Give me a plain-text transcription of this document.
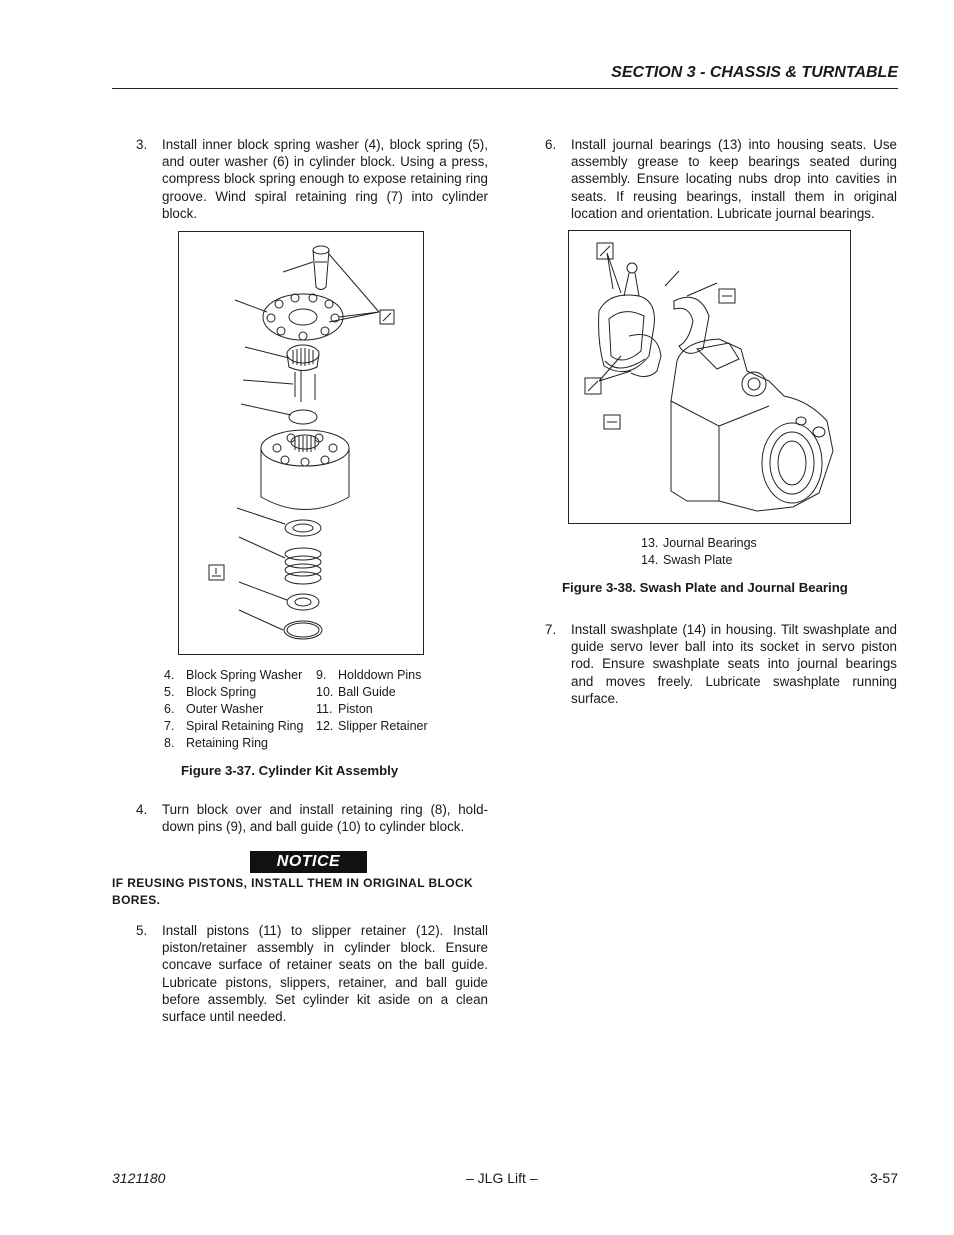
SECTION 3 - CHASSIS & TURNTABLE
3. Install inner block spring washer (4), block spring (5), and outer washer (6) in cylinder block. Using a press, compress block spring enough to expose retaining ring groove. Wind spiral retaining ring (7) into cylinder block.
4. Block Spring Washer
5. Block Spring
6. Outer Washer
7. Spiral Retaining Ring
8. Retaining Ring
9. Holddown Pins
10. Ball Guide
11. Piston
12. Slipper Retainer
Figure 3-37. Cylinder Kit Assembly
4. Turn block over and install retaining ring (8), hold-down pins (9), and ball guide (10) to cylinder block.
NOTICE
IF REUSING PISTONS, INSTALL THEM IN ORIGINAL BLOCK BORES.
5. Install pistons (11) to slipper retainer (12). Install piston/retainer assembly in cylinder block. Ensure concave surface of retainer seats on the ball guide. Lubricate pistons, slippers, retainer, and ball guide before assembly. Set cylinder kit aside on a clean surface until needed.
6. Install journal bearings (13) into housing seats. Use assembly grease to keep bearings seated during assembly. Ensure locating nubs drop into cavities in seats. If reusing bearings, install them in original location and orientation. Lubricate journal bearings.
13. Journal Bearings
14. Swash Plate
Figure 3-38. Swash Plate and Journal Bearing
7. Install swashplate (14) in housing. Tilt swashplate and guide servo lever ball into its socket in servo piston rod. Ensure swashplate seats into journal bearings and moves freely. Lubricate swashplate running surface.
3121180	– JLG Lift –	3-57
